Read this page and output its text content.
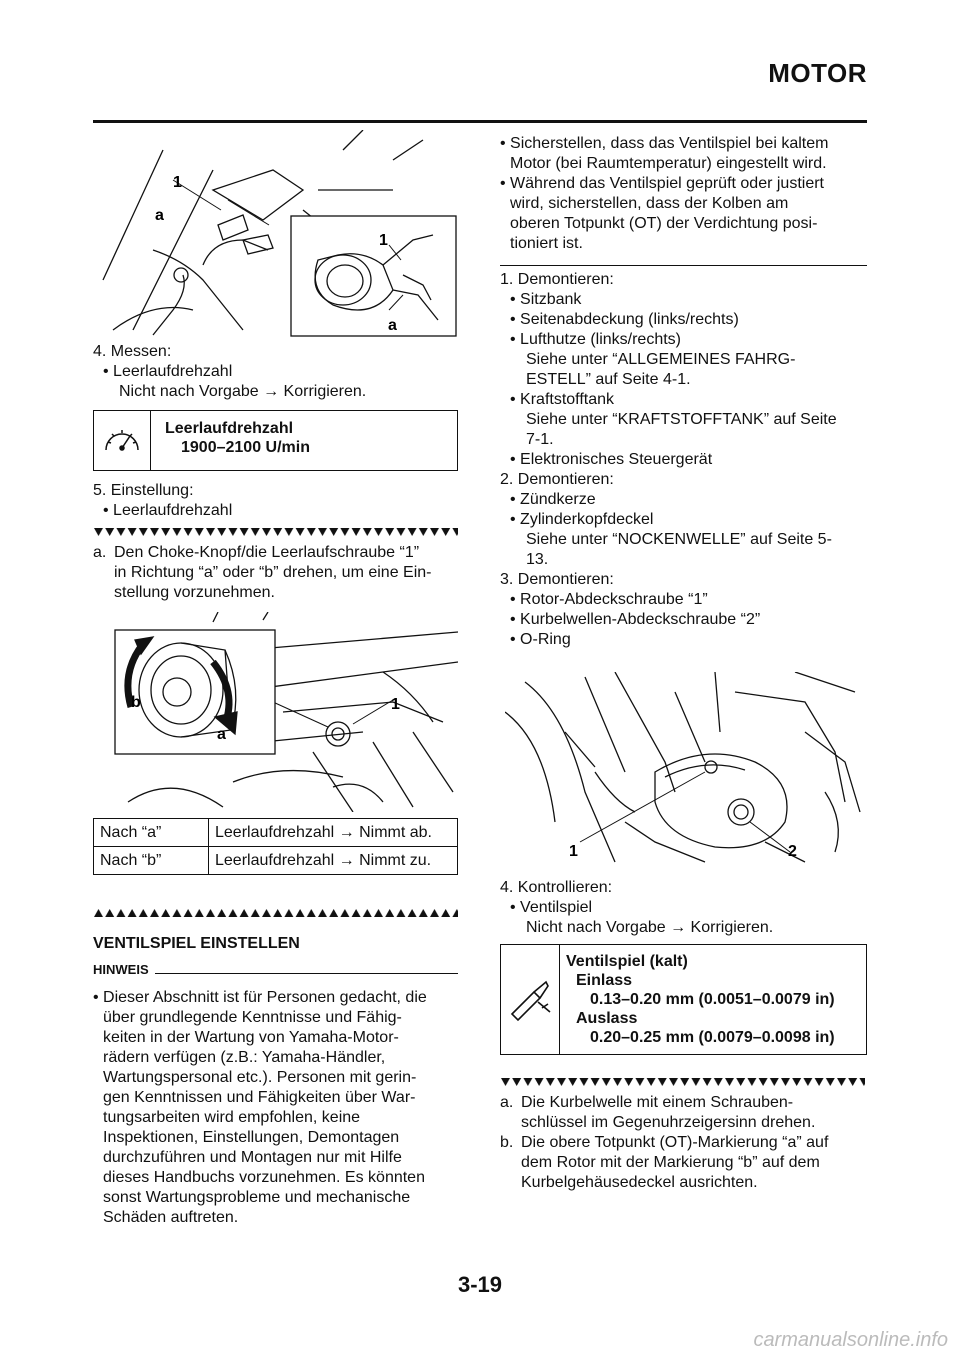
MOTOR
1
a
1
a
4. Messen:
• Leerlaufdrehzahl
Nicht nach Vorgabe → Korrigieren.
Leerlaufdrehzahl
1900–2100 U/min
5. Einstellung:
• Leerlaufdrehzahl
a. Den Choke-Knopf/die Leerlaufschraube “1”
in Richtung “a” oder “b” drehen, um eine Ein-
stellung vorzunehmen.
b
a
1
Nach “a”	Leerlaufdrehzahl → Nimmt ab.
Nach “b”	Leerlaufdrehzahl → Nimmt zu.
VENTILSPIEL EINSTELLEN
HINWEIS
• Dieser Abschnitt ist für Personen gedacht, die
über grundlegende Kenntnisse und Fähig-
keiten in der Wartung von Yamaha-Motor-
rädern verfügen (z.B.: Yamaha-Händler,
Wartungspersonal etc.). Personen mit gerin-
gen Kenntnissen und Fähigkeiten über War-
tungsarbeiten wird empfohlen, keine
Inspektionen, Einstellungen, Demontagen
durchzuführen und Montagen nur mit Hilfe
dieses Handbuchs vorzunehmen. Es könnten
sonst Wartungsprobleme und mechanische
Schäden auftreten.
• Sicherstellen, dass das Ventilspiel bei kaltem
Motor (bei Raumtemperatur) eingestellt wird.
• Während das Ventilspiel geprüft oder justiert
wird, sicherstellen, dass der Kolben am
oberen Totpunkt (OT) der Verdichtung posi-
tioniert ist.
1. Demontieren:
• Sitzbank
• Seitenabdeckung (links/rechts)
• Lufthutze (links/rechts)
Siehe unter “ALLGEMEINES FAHRG-
ESTELL” auf Seite 4-1.
• Kraftstofftank
Siehe unter “KRAFTSTOFFTANK” auf Seite
7-1.
• Elektronisches Steuergerät
2. Demontieren:
• Zündkerze
• Zylinderkopfdeckel
Siehe unter “NOCKENWELLE” auf Seite 5-
13.
3. Demontieren:
• Rotor-Abdeckschraube “1”
• Kurbelwellen-Abdeckschraube “2”
• O-Ring
1	2
4. Kontrollieren:
• Ventilspiel
Nicht nach Vorgabe → Korrigieren.
Ventilspiel (kalt)
Einlass
0.13–0.20 mm (0.0051–0.0079 in)
Auslass
0.20–0.25 mm (0.0079–0.0098 in)
a. Die Kurbelwelle mit einem Schrauben-
schlüssel im Gegenuhrzeigersinn drehen.
b. Die obere Totpunkt (OT)-Markierung “a” auf
dem Rotor mit der Markierung “b” auf dem
Kurbelgehäusedeckel ausrichten.
3-19
carmanualsonline.info
